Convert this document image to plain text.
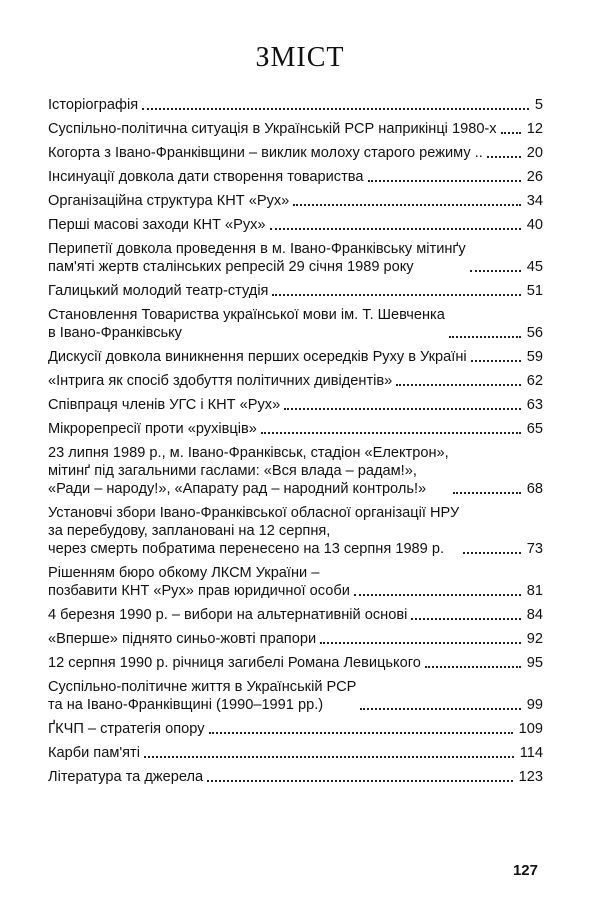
ЗМІСТ
Історіографія	5
Суспільно-політична ситуація в Українській РСР наприкінці 1980-х 12
Когорта з Івано-Франківщини – виклик молоху старого режиму ..	20
Інсинуації довкола дати створення товариства	26
Організаційна структура КНТ «Рух»	34
Перші масові заходи КНТ «Рух»	40
Перипетії довкола проведення в м. Івано-Франківську мітинґу
пам'яті жертв сталінських репресій 29 січня 1989 року	45
Галицький молодий театр-студія	51
Становлення Товариства української мови ім. Т. Шевченка
в Івано-Франківську	56
Дискусії довкола виникнення перших осередків Руху в Україні	59
«Інтрига як спосіб здобуття політичних дивідентів»	62
Співпраця членів УГС і КНТ «Рух»	63
Мікрорепресії проти «рухівців»	65
23 липня 1989 р., м. Івано-Франківськ, стадіон «Електрон»,
мітинґ під загальними гаслами: «Вся влада – радам!»,
«Ради – народу!», «Апарату рад – народний контроль!»	68
Установчі збори Івано-Франківської обласної організації НРУ
за перебудову, заплановані на 12 серпня,
через смерть побратима перенесено на 13 серпня 1989 р.	73
Рішенням бюро обкому ЛКСМ України –
позбавити КНТ «Рух» прав юридичної особи	81
4 березня 1990 р. – вибори на альтернативній основі	84
«Вперше» піднято синьо-жовті прапори	92
12 серпня 1990 р. річниця загибелі Романа Левицького	95
Суспільно-політичне життя в Українській РСР
та на Івано-Франківщині (1990–1991 рр.)	99
ҐКЧП – стратегія опору	109
Карби пам'яті	114
Література та джерела	123
127
